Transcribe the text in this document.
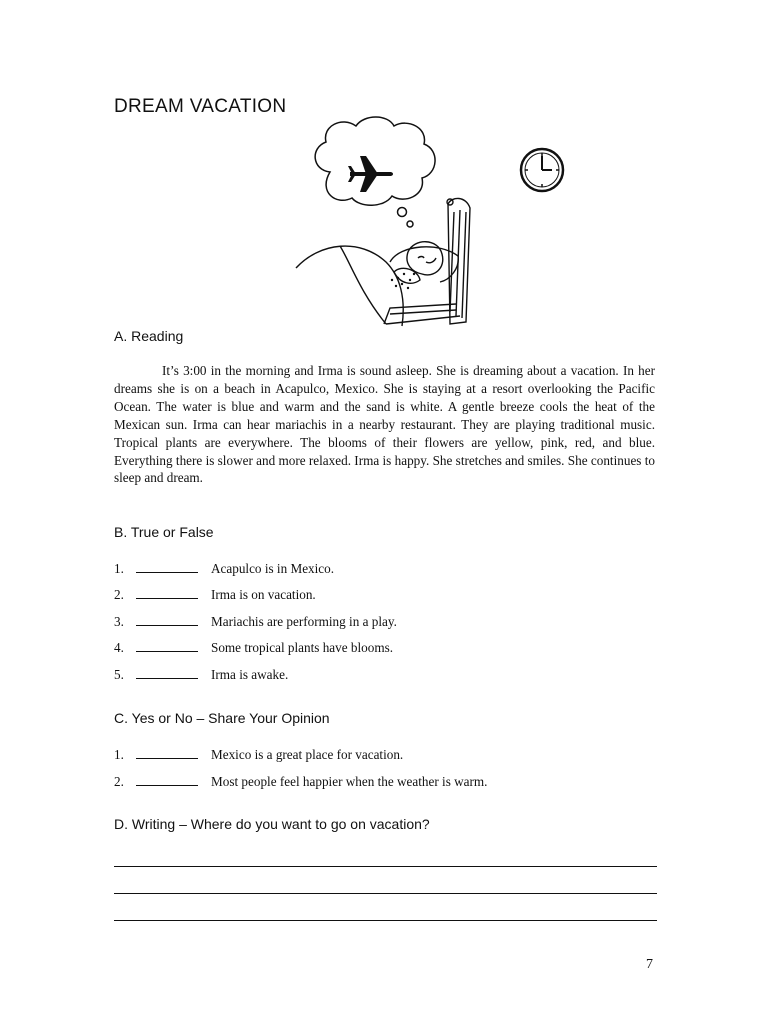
DREAM VACATION
A. Reading

It’s 3:00 in the morning and Irma is sound asleep. She is dreaming about a vacation. In her dreams she is on a beach in Acapulco, Mexico. She is staying at a resort overlooking the Pacific Ocean. The water is blue and warm and the sand is white. A gentle breeze cools the heat of the Mexican sun. Irma can hear mariachis in a nearby restaurant. They are playing traditional music. Tropical plants are everywhere. The blooms of their flowers are yellow, pink, red, and blue. Everything there is slower and more relaxed. Irma is happy. She stretches and smiles. She continues to sleep and dream.

B. True or False
1.	Acapulco is in Mexico.
2.	Irma is on vacation.
3.	Mariachis are performing in a play.
4.	Some tropical plants have blooms.
5.	Irma is awake.
C. Yes or No – Share Your Opinion
1.	Mexico is a great place for vacation.
2.	Most people feel happier when the weather is warm.
D. Writing – Where do you want to go on vacation?
7
